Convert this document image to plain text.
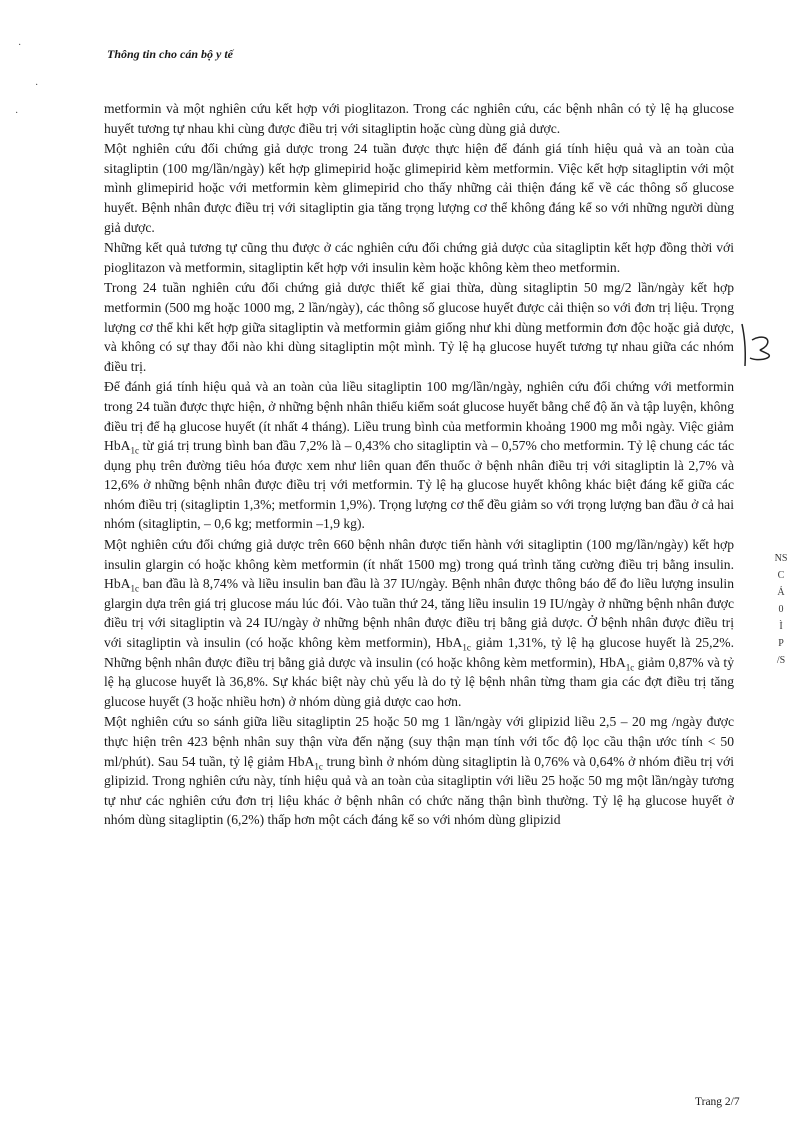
Thông tin cho cán bộ y tế
·
·
·	metformin và một nghiên cứu kết hợp với pioglitazon. Trong các nghiên cứu, các bệnh nhân có tỷ lệ hạ glucose huyết tương tự nhau khi cùng được điều trị với sitagliptin hoặc cùng dùng giả dược.

Một nghiên cứu đối chứng giả dược trong 24 tuần được thực hiện để đánh giá tính hiệu quả và an toàn của sitagliptin (100 mg/lần/ngày) kết hợp glimepirid hoặc glimepirid kèm metformin. Việc kết hợp sitagliptin với một mình glimepirid hoặc với metformin kèm glimepirid cho thấy những cải thiện đáng kể về các thông số glucose huyết. Bệnh nhân được điều trị với sitagliptin gia tăng trọng lượng cơ thể không đáng kể so với những người dùng giả dược.

Những kết quả tương tự cũng thu được ở các nghiên cứu đối chứng giả dược của sitagliptin kết hợp đồng thời với pioglitazon và metformin, sitagliptin kết hợp với insulin kèm hoặc không kèm theo metformin.

Trong 24 tuần nghiên cứu đối chứng giả dược thiết kế giai thừa, dùng sitagliptin 50 mg/2 lần/ngày kết hợp metformin (500 mg hoặc 1000 mg, 2 lần/ngày), các thông số glucose huyết được cải thiện so với đơn trị liệu. Trọng lượng cơ thể khi kết hợp giữa sitagliptin và metformin giảm giống như khi dùng metformin đơn độc hoặc giả dược, và không có sự thay đổi nào khi dùng sitagliptin một mình. Tỷ lệ hạ glucose huyết tương tự nhau giữa các nhóm điều trị.

Để đánh giá tính hiệu quả và an toàn của liều sitagliptin 100 mg/lần/ngày, nghiên cứu đối chứng với metformin trong 24 tuần được thực hiện, ở những bệnh nhân thiếu kiểm soát glucose huyết bằng chế độ ăn và tập luyện, không điều trị để hạ glucose huyết (ít nhất 4 tháng). Liều trung bình của metformin khoảng 1900 mg mỗi ngày. Việc giảm HbA$_{1c}$ từ giá trị trung bình ban đầu 7,2% là – 0,43% cho sitagliptin và – 0,57% cho metformin. Tỷ lệ chung các tác dụng phụ trên đường tiêu hóa được xem như liên quan đến thuốc ở bệnh nhân điều trị với sitagliptin là 2,7% và 12,6% ở những bệnh nhân được điều trị với metformin. Tỷ lệ hạ glucose huyết không khác biệt đáng kể giữa các nhóm điều trị (sitagliptin 1,3%; metformin 1,9%). Trọng lượng cơ thể đều giảm so với trọng lượng ban đầu ở cả hai nhóm (sitagliptin, – 0,6 kg; metformin –1,9 kg).

Một nghiên cứu đối chứng giả dược trên 660 bệnh nhân được tiến hành với sitagliptin (100 mg/lần/ngày) kết hợp insulin glargin có hoặc không kèm metformin (ít nhất 1500 mg) trong quá trình tăng cường điều trị bằng insulin. HbA$_{1c}$ ban đầu là 8,74% và liều insulin ban đầu là 37 IU/ngày. Bệnh nhân được thông báo để đo liều lượng insulin glargin dựa trên giá trị glucose máu lúc đói. Vào tuần thứ 24, tăng liều insulin 19 IU/ngày ở những bệnh nhân được điều trị với sitagliptin và 24 IU/ngày ở những bệnh nhân được điều trị bằng giả dược. Ở bệnh nhân được điều trị với sitagliptin và insulin (có hoặc không kèm metformin), HbA$_{1c}$ giảm 1,31%, tỷ lệ hạ glucose huyết là 25,2%. Những bệnh nhân được điều trị bằng giả dược và insulin (có hoặc không kèm metformin), HbA$_{1c}$ giảm 0,87% và tỷ lệ hạ glucose huyết là 36,8%. Sự khác biệt này chủ yếu là do tỷ lệ bệnh nhân từng tham gia các đợt điều trị tăng glucose huyết (3 hoặc nhiều hơn) ở nhóm dùng giả dược cao hơn.

Một nghiên cứu so sánh giữa liều sitagliptin 25 hoặc 50 mg 1 lần/ngày với glipizid liều 2,5 – 20 mg /ngày được thực hiện trên 423 bệnh nhân suy thận vừa đến nặng (suy thận mạn tính với tốc độ lọc cầu thận ước tính < 50 ml/phút). Sau 54 tuần, tỷ lệ giảm HbA$_{1c}$ trung bình ở nhóm dùng sitagliptin là 0,76% và 0,64% ở nhóm điều trị với glipizid. Trong nghiên cứu này, tính hiệu quả và an toàn của sitagliptin với liều 25 hoặc 50 mg một lần/ngày tương tự như các nghiên cứu đơn trị liệu khác ở bệnh nhân có chức năng thận bình thường. Tỷ lệ hạ glucose huyết ở nhóm dùng sitagliptin (6,2%) thấp hơn một cách đáng kể so với nhóm dùng glipizid

NS
C
Ả
0
Ì
P
/S
Trang 2/7
